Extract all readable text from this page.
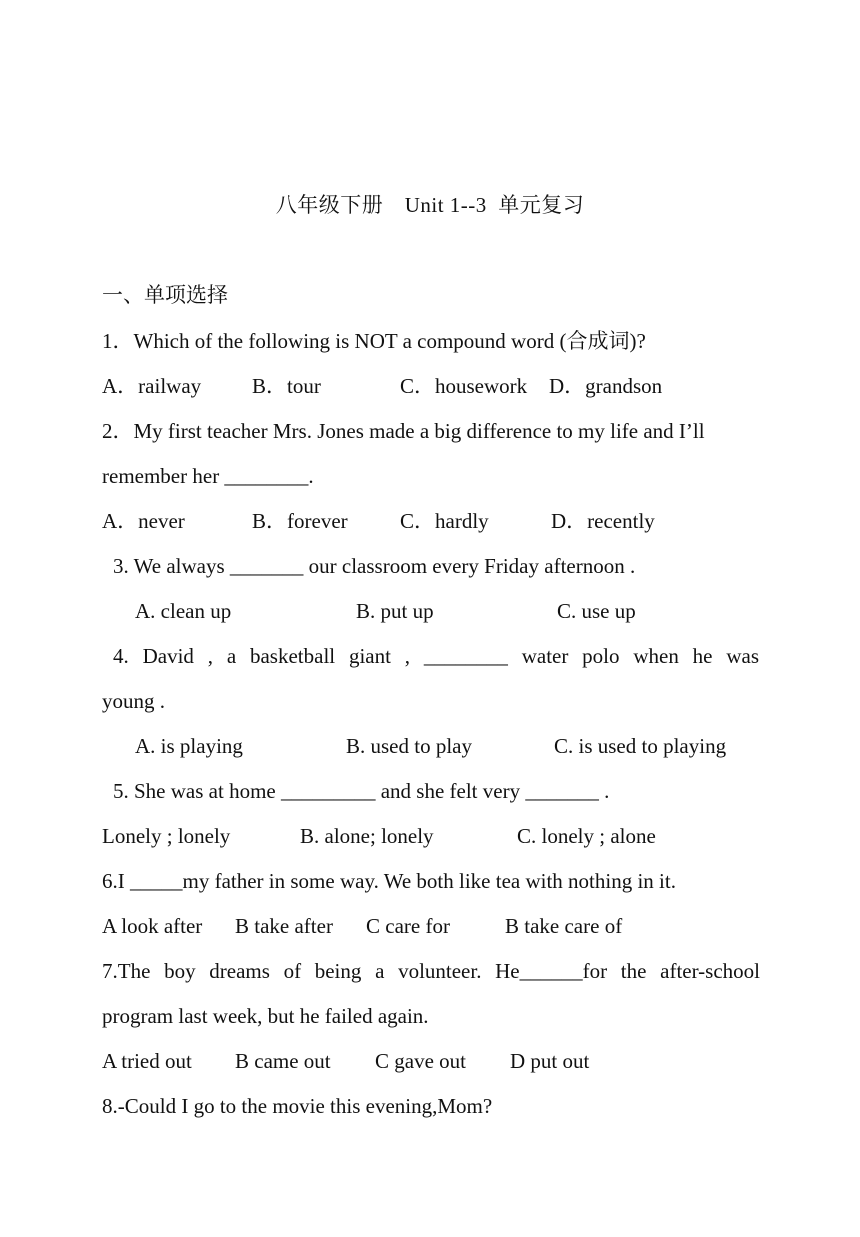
八年级下册　Unit 1--3  单元复习
一、单项选择
1．Which of the following is NOT a compound word (合成词)?

A．railway

B．tour

	C．housework

D．grandson

2．My first teacher Mrs. Jones made a big difference to my life and I’ll
remember her ________.

A．never

	B．forever

C．hardly

	D．recently

3. We always _______ our classroom every Friday afternoon .

A. clean up

	B. put up

	C. use up

4. David , a basketball giant , ________ water polo when he was
young .

A. is playing

	B. used to play

	C. is used to playing

5. She was at home _________ and she felt very _______ .

Lonely ; lonely

	B. alone; lonely

	C. lonely ; alone

6.I _____my father in some way. We both like tea with nothing in it.

A look after

B take after

C care for

	B take care of

7.The boy dreams of being a volunteer. He______for the after-school
program last week, but he failed again.

A tried out

B came out

C gave out

D put out

8.-Could I go to the movie this evening,Mom?
